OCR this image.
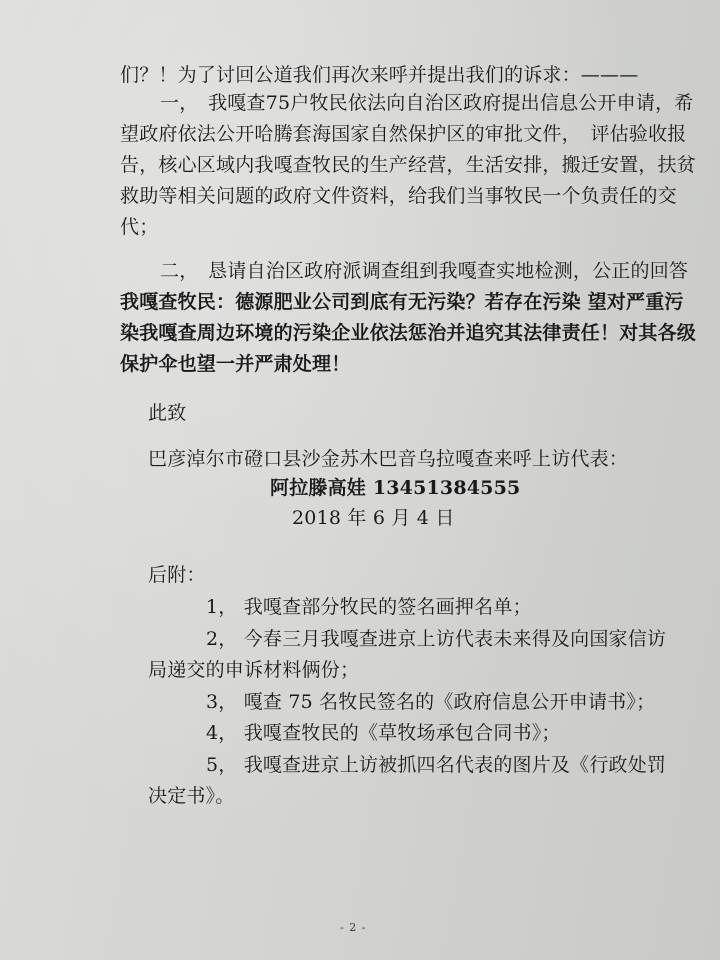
们？！为了讨回公道我们再次来呼并提出我们的诉求：———
一，　我嘎查75户牧民依法向自治区政府提出信息公开申请，希
望政府依法公开哈腾套海国家自然保护区的审批文件，　评估验收报
告，核心区域内我嘎查牧民的生产经营，生活安排，搬迁安置，扶贫
救助等相关问题的政府文件资料，给我们当事牧民一个负责任的交
代；
二，　恳请自治区政府派调查组到我嘎查实地检测，公正的回答
我嘎查牧民：德源肥业公司到底有无污染？若存在污染 望对严重污
染我嘎查周边环境的污染企业依法惩治并追究其法律责任！对其各级
保护伞也望一并严肃处理！
此致
巴彦淖尔市磴口县沙金苏木巴音乌拉嘎查来呼上访代表：
阿拉滕高娃 13451384555
2018 年 6 月 4 日
后附：
1， 我嘎查部分牧民的签名画押名单；
2， 今春三月我嘎查进京上访代表未来得及向国家信访
局递交的申诉材料俩份；
3， 嘎查 75 名牧民签名的《政府信息公开申请书》；
4， 我嘎查牧民的《草牧场承包合同书》；
5， 我嘎查进京上访被抓四名代表的图片及《行政处罚
决定书》。
- 2 -
